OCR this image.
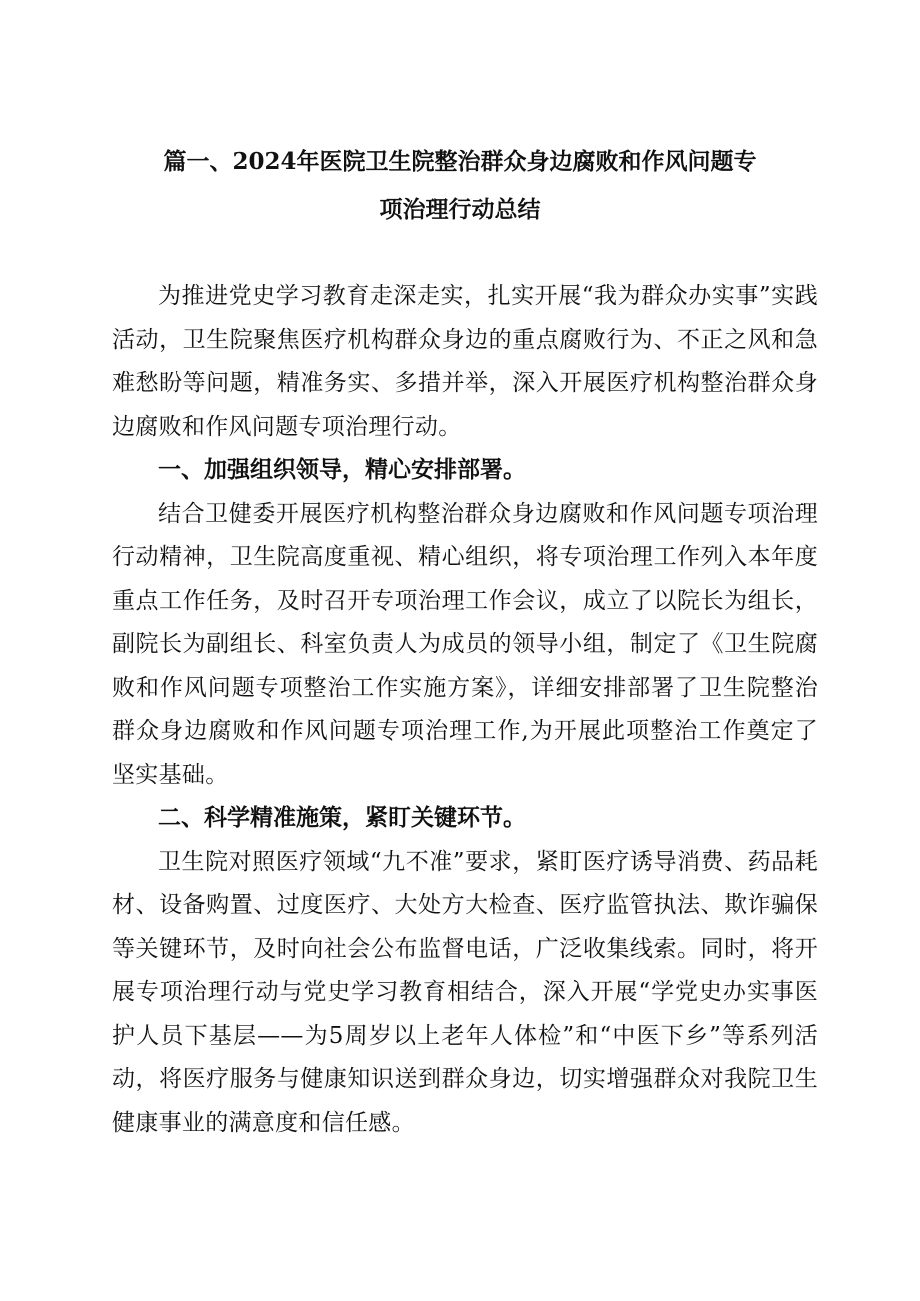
篇一、2024年医院卫生院整治群众身边腐败和作风问题专
项治理行动总结

为推进党史学习教育走深走实，扎实开展“我为群众办实事”实践活动，卫生院聚焦医疗机构群众身边的重点腐败行为、不正之风和急难愁盼等问题，精准务实、多措并举，深入开展医疗机构整治群众身边腐败和作风问题专项治理行动。

一、加强组织领导，精心安排部署。

结合卫健委开展医疗机构整治群众身边腐败和作风问题专项治理行动精神，卫生院高度重视、精心组织，将专项治理工作列入本年度重点工作任务，及时召开专项治理工作会议，成立了以院长为组长，副院长为副组长、科室负责人为成员的领导小组，制定了《卫生院腐败和作风问题专项整治工作实施方案》，详细安排部署了卫生院整治群众身边腐败和作风问题专项治理工作,为开展此项整治工作奠定了坚实基础。

二、科学精准施策，紧盯关键环节。

卫生院对照医疗领域“九不准”要求，紧盯医疗诱导消费、药品耗材、设备购置、过度医疗、大处方大检查、医疗监管执法、欺诈骗保等关键环节，及时向社会公布监督电话，广泛收集线索。同时，将开展专项治理行动与党史学习教育相结合，深入开展“学党史办实事医护人员下基层——为5周岁以上老年人体检”和“中医下乡”等系列活动，将医疗服务与健康知识送到群众身边，切实增强群众对我院卫生健康事业的满意度和信任感。
